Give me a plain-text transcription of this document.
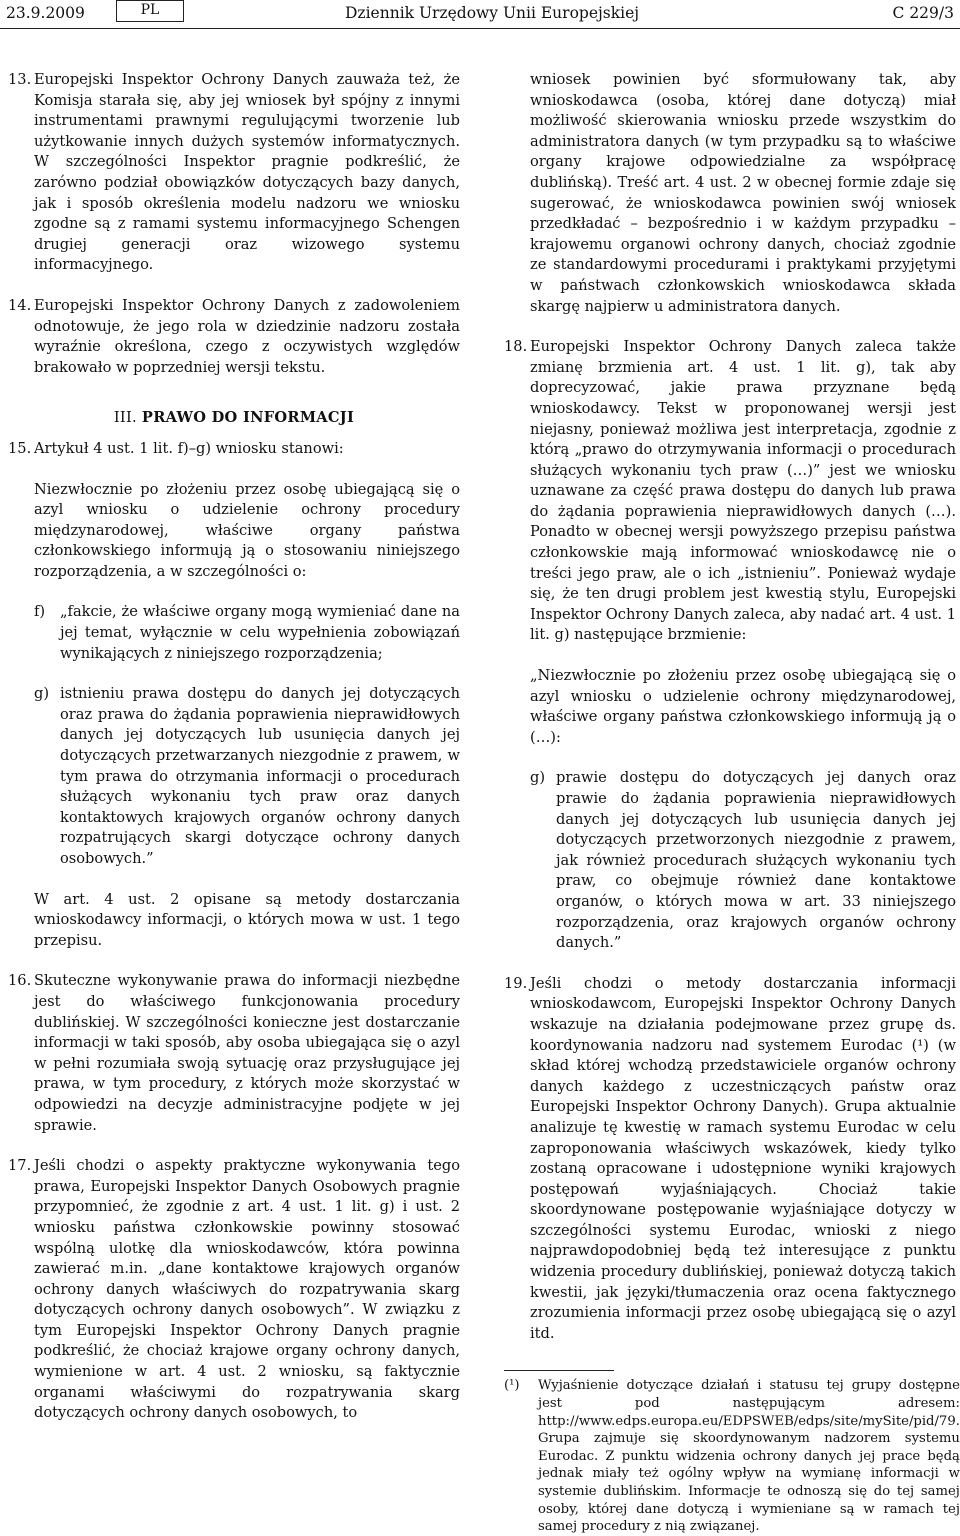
23.9.2009	PL	Dziennik Urzędowy Unii Europejskiej	C 229/3
13. Europejski Inspektor Ochrony Danych zauważa też, że Komisja starała się, aby jej wniosek był spójny z innymi instrumentami prawnymi regulującymi tworzenie lub użytkowanie innych dużych systemów informatycznych. W szczególności Inspektor pragnie podkreślić, że zarówno podział obowiązków dotyczących bazy danych, jak i sposób określenia modelu nadzoru we wniosku zgodne są z ramami systemu informacyjnego Schengen drugiej generacji oraz wizowego systemu informacyjnego.
14. Europejski Inspektor Ochrony Danych z zadowoleniem odnotowuje, że jego rola w dziedzinie nadzoru została wyraźnie określona, czego z oczywistych względów brakowało w poprzedniej wersji tekstu.
III. PRAWO DO INFORMACJI
15. Artykuł 4 ust. 1 lit. f)–g) wniosku stanowi:

Niezwłocznie po złożeniu przez osobę ubiegającą się o azyl wniosku o udzielenie ochrony procedury międzynarodowej, właściwe organy państwa członkowskiego informują ją o stosowaniu niniejszego rozporządzenia, a w szczególności o:

f)	„fakcie, że właściwe organy mogą wymieniać dane na jej temat, wyłącznie w celu wypełnienia zobowiązań wynikających z niniejszego rozporządzenia;
g) istnieniu prawa dostępu do danych jej dotyczących oraz prawa do żądania poprawienia nieprawidłowych danych jej dotyczących lub usunięcia danych jej dotyczących przetwarzanych niezgodnie z prawem, w tym prawa do otrzymania informacji o procedurach służących wykonaniu tych praw oraz danych kontaktowych krajowych organów ochrony danych rozpatrujących skargi dotyczące ochrony danych osobowych.”

W art. 4 ust. 2 opisane są metody dostarczania wnioskodawcy informacji, o których mowa w ust. 1 tego przepisu.

16. Skuteczne wykonywanie prawa do informacji niezbędne jest do właściwego funkcjonowania procedury dublińskiej. W szczególności konieczne jest dostarczanie informacji w taki sposób, aby osoba ubiegająca się o azyl w pełni rozumiała swoją sytuację oraz przysługujące jej prawa, w tym procedury, z których może skorzystać w odpowiedzi na decyzje administracyjne podjęte w jej sprawie.
17. Jeśli chodzi o aspekty praktyczne wykonywania tego prawa, Europejski Inspektor Danych Osobowych pragnie przypomnieć, że zgodnie z art. 4 ust. 1 lit. g) i ust. 2 wniosku państwa członkowskie powinny stosować wspólną ulotkę dla wnioskodawców, która powinna zawierać m.in. „dane kontaktowe krajowych organów ochrony danych właściwych do rozpatrywania skarg dotyczących ochrony danych osobowych”. W związku z tym Europejski Inspektor Ochrony Danych pragnie podkreślić, że chociaż krajowe organy ochrony danych, wymienione w art. 4 ust. 2 wniosku, są faktycznie organami właściwymi do rozpatrywania skarg dotyczących ochrony danych osobowych, to

wniosek powinien być sformułowany tak, aby wnioskodawca (osoba, której dane dotyczą) miał możliwość skierowania wniosku przede wszystkim do administratora danych (w tym przypadku są to właściwe organy krajowe odpowiedzialne za współpracę dublińską). Treść art. 4 ust. 2 w obecnej formie zdaje się sugerować, że wnioskodawca powinien swój wniosek przedkładać – bezpośrednio i w każdym przypadku – krajowemu organowi ochrony danych, chociaż zgodnie ze standardowymi procedurami i praktykami przyjętymi w państwach członkowskich wnioskodawca składa skargę najpierw u administratora danych.

18. Europejski Inspektor Ochrony Danych zaleca także zmianę brzmienia art. 4 ust. 1 lit. g), tak aby doprecyzować, jakie prawa przyznane będą wnioskodawcy. Tekst w proponowanej wersji jest niejasny, ponieważ możliwa jest interpretacja, zgodnie z którą „prawo do otrzymywania informacji o procedurach służących wykonaniu tych praw (…)” jest we wniosku uznawane za część prawa dostępu do danych lub prawa do żądania poprawienia nieprawidłowych danych (…). Ponadto w obecnej wersji powyższego przepisu państwa członkowskie mają informować wnioskodawcę nie o treści jego praw, ale o ich „istnieniu”. Ponieważ wydaje się, że ten drugi problem jest kwestią stylu, Europejski Inspektor Ochrony Danych zaleca, aby nadać art. 4 ust. 1 lit. g) następujące brzmienie:

„Niezwłocznie po złożeniu przez osobę ubiegającą się o azyl wniosku o udzielenie ochrony międzynarodowej, właściwe organy państwa członkowskiego informują ją o (…):

g) prawie dostępu do dotyczących jej danych oraz prawie do żądania poprawienia nieprawidłowych danych jej dotyczących lub usunięcia danych jej dotyczących przetworzonych niezgodnie z prawem, jak również procedurach służących wykonaniu tych praw, co obejmuje również dane kontaktowe organów, o których mowa w art. 33 niniejszego rozporządzenia, oraz krajowych organów ochrony danych.”
19. Jeśli chodzi o metody dostarczania informacji wnioskodawcom, Europejski Inspektor Ochrony Danych wskazuje na działania podejmowane przez grupę ds. koordynowania nadzoru nad systemem Eurodac (¹) (w skład której wchodzą przedstawiciele organów ochrony danych każdego z uczestniczących państw oraz Europejski Inspektor Ochrony Danych). Grupa aktualnie analizuje tę kwestię w ramach systemu Eurodac w celu zaproponowania właściwych wskazówek, kiedy tylko zostaną opracowane i udostępnione wyniki krajowych postępowań wyjaśniających. Chociaż takie skoordynowane postępowanie wyjaśniające dotyczy w szczególności systemu Eurodac, wnioski z niego najprawdopodobniej będą też interesujące z punktu widzenia procedury dublińskiej, ponieważ dotyczą takich kwestii, jak języki/tłumaczenia oraz ocena faktycznego zrozumienia informacji przez osobę ubiegającą się o azyl itd.
(¹)	Wyjaśnienie dotyczące działań i statusu tej grupy dostępne jest pod następującym adresem: http://www.edps.europa.eu/EDPSWEB/edps/site/mySite/pid/79. Grupa zajmuje się skoordynowanym nadzorem systemu Eurodac. Z punktu widzenia ochrony danych jej prace będą jednak miały też ogólny wpływ na wymianę informacji w systemie dublińskim. Informacje te odnoszą się do tej samej osoby, której dane dotyczą i wymieniane są w ramach tej samej procedury z nią związanej.
